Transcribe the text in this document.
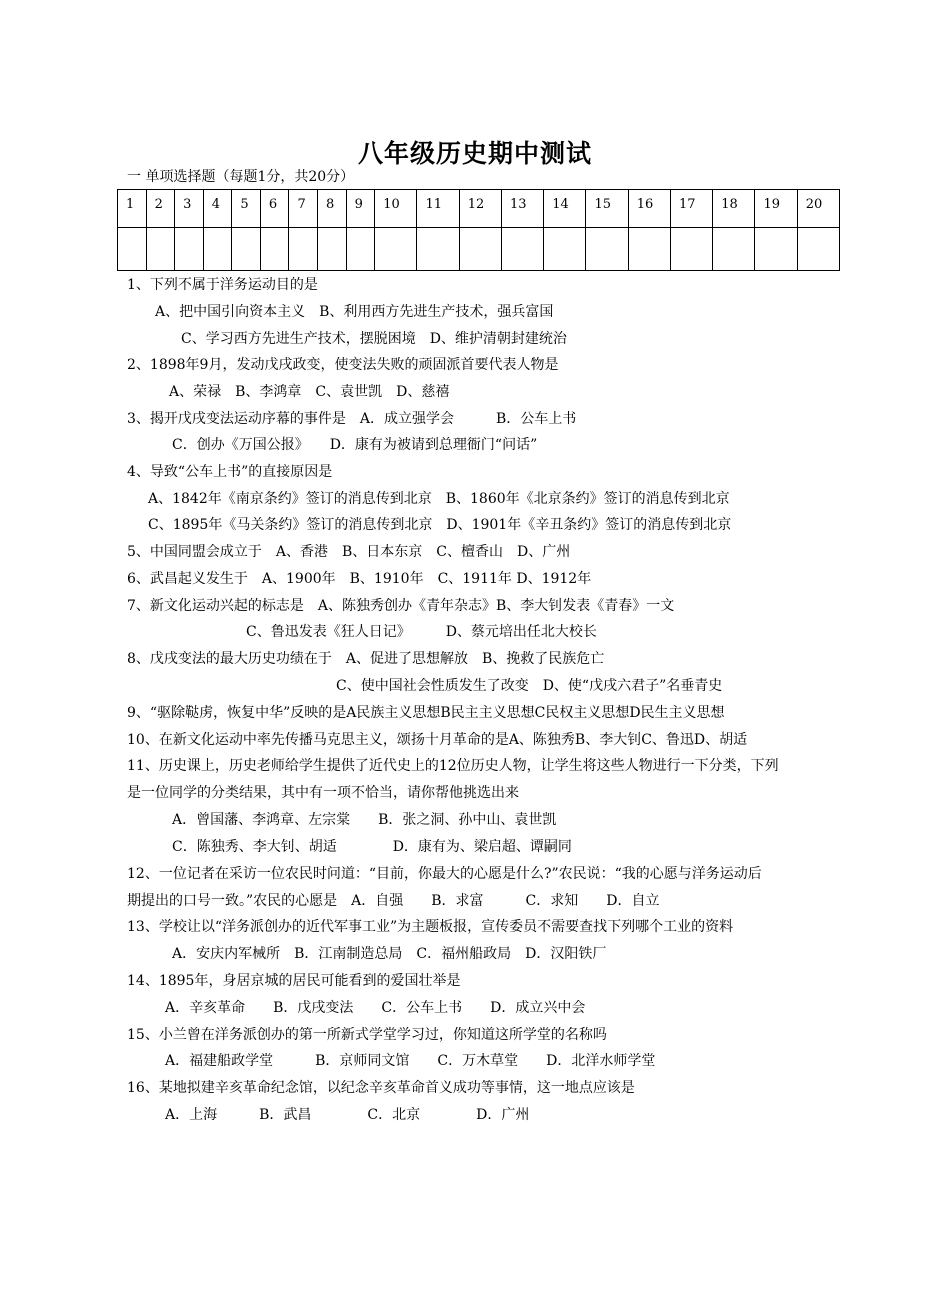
八年级历史期中测试
一 单项选择题（每题1分，共20分）
1	2	3	4	5	6	7	8	9	10	11	12	13	14	15	16	17	18	19	20

1、下列不属于洋务运动目的是
A、把中国引向资本主义　B、利用西方先进生产技术，强兵富国
C、学习西方先进生产技术，摆脱困境　D、维护清朝封建统治
2、1898年9月，发动戊戌政变，使变法失败的顽固派首要代表人物是
A、荣禄　B、李鸿章　C、袁世凯　D、慈禧
3、揭开戊戌变法运动序幕的事件是　A．成立强学会　　　B．公车上书
C．创办《万国公报》　　D．康有为被请到总理衙门“问话”
4、导致“公车上书”的直接原因是
A、1842年《南京条约》签订的消息传到北京　B、1860年《北京条约》签订的消息传到北京
C、1895年《马关条约》签订的消息传到北京　D、1901年《辛丑条约》签订的消息传到北京
5、中国同盟会成立于　A、香港　B、日本东京　C、檀香山　D、广州
6、武昌起义发生于　A、1900年　B、1910年　C、1911年 D、1912年
7、新文化运动兴起的标志是　A、陈独秀创办《青年杂志》B、李大钊发表《青春》一文
C、鲁迅发表《狂人日记》　　　D、蔡元培出任北大校长
8、戊戌变法的最大历史功绩在于　A、促进了思想解放　B、挽救了民族危亡
C、使中国社会性质发生了改变　D、使“戊戌六君子”名垂青史
9、“驱除鞑虏，恢复中华”反映的是A民族主义思想B民主主义思想C民权主义思想D民生主义思想
10、在新文化运动中率先传播马克思主义，颂扬十月革命的是A、陈独秀B、李大钊C、鲁迅D、胡适
11、历史课上，历史老师给学生提供了近代史上的12位历史人物，让学生将这些人物进行一下分类，下列
是一位同学的分类结果，其中有一项不恰当，请你帮他挑选出来
A．曾国藩、李鸿章、左宗棠　　B．张之洞、孙中山、袁世凯
C．陈独秀、李大钊、胡适　　　　D．康有为、梁启超、谭嗣同
12、一位记者在采访一位农民时问道：“目前，你最大的心愿是什么?”农民说：“我的心愿与洋务运动后
期提出的口号一致。”农民的心愿是　A．自强　　B．求富　　　C．求知　　D．自立
13、学校让以“洋务派创办的近代军事工业”为主题板报，宣传委员不需要查找下列哪个工业的资料
A．安庆内军械所　B．江南制造总局　C．福州船政局　D．汉阳铁厂
14、1895年，身居京城的居民可能看到的爱国壮举是
A．辛亥革命　　B．戊戌变法　　C．公车上书　　D．成立兴中会
15、小兰曾在洋务派创办的第一所新式学堂学习过，你知道这所学堂的名称吗
A．福建船政学堂　　　B．京师同文馆　　C．万木草堂　　D．北洋水师学堂
16、某地拟建辛亥革命纪念馆，以纪念辛亥革命首义成功等事情，这一地点应该是
A．上海　　　B．武昌　　　　C．北京　　　　D．广州
